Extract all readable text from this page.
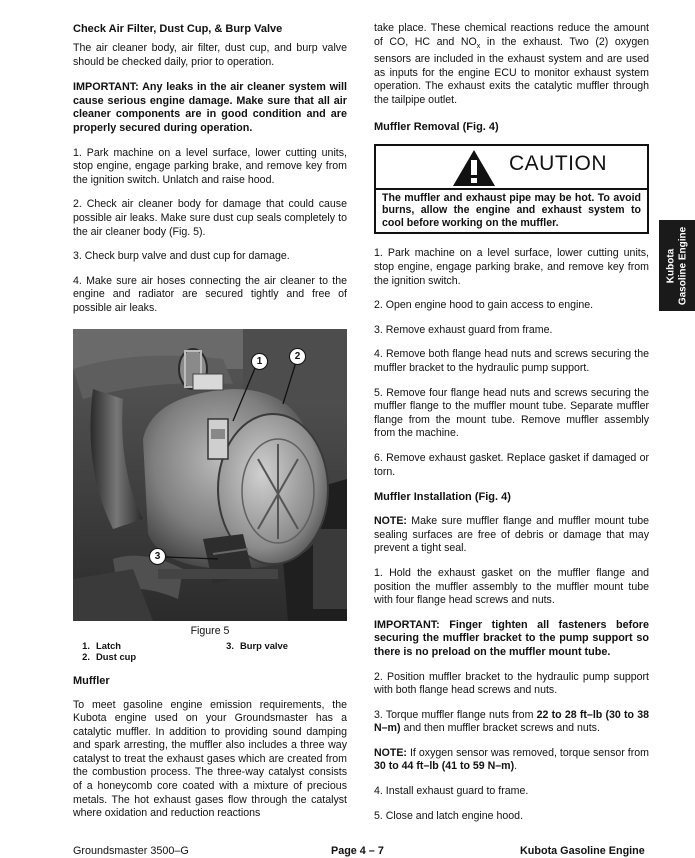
Check Air Filter, Dust Cup, & Burp Valve

The air cleaner body, air filter, dust cup, and burp valve should be checked daily, prior to operation.

IMPORTANT: Any leaks in the air cleaner system will cause serious engine damage. Make sure that all air cleaner components are in good condition and are properly secured during operation.

1. Park machine on a level surface, lower cutting units, stop engine, engage parking brake, and remove key from the ignition switch. Unlatch and raise hood.

2. Check air cleaner body for damage that could cause possible air leaks. Make sure dust cup seals completely to the air cleaner body (Fig. 5).

3. Check burp valve and dust cup for damage.

4. Make sure air hoses connecting the air cleaner to the engine and radiator are secured tightly and free of possible air leaks.

1	2
3

Figure 5

1. Latch
2. Dust cup
3. Burp valve

Muffler

To meet gasoline engine emission requirements, the Kubota engine used on your Groundsmaster has a catalytic muffler. In addition to providing sound damping and spark arresting, the muffler also includes a three way catalyst to treat the exhaust gases which are created from the combustion process. The three-way catalyst consists of a honeycomb core coated with a mixture of precious metals. The hot exhaust gases flow through the catalyst where oxidation and reduction reactions

take place. These chemical reactions reduce the amount of CO, HC and $NO_x$ in the exhaust. Two (2) oxygen sensors are included in the exhaust system and are used as inputs for the engine ECU to monitor exhaust system operation. The exhaust exits the catalytic muffler through the tailpipe outlet.

Muffler Removal (Fig. 4)

CAUTION

The muffler and exhaust pipe may be hot. To avoid burns, allow the engine and exhaust system to cool before working on the muffler.

1. Park machine on a level surface, lower cutting units, stop engine, engage parking brake, and remove key from the ignition switch.

2. Open engine hood to gain access to engine.

3. Remove exhaust guard from frame.

4. Remove both flange head nuts and screws securing the muffler bracket to the hydraulic pump support.

5. Remove four flange head nuts and screws securing the muffler flange to the muffler mount tube. Separate muffler flange from the mount tube. Remove muffler assembly from the machine.

6. Remove exhaust gasket. Replace gasket if damaged or torn.

Muffler Installation (Fig. 4)

NOTE: Make sure muffler flange and muffler mount tube sealing surfaces are free of debris or damage that may prevent a tight seal.

1. Hold the exhaust gasket on the muffler flange and position the muffler assembly to the muffler mount tube with four flange head screws and nuts.

IMPORTANT: Finger tighten all fasteners before securing the muffler bracket to the pump support so there is no preload on the muffler mount tube.

2. Position muffler bracket to the hydraulic pump support with both flange head screws and nuts.

3. Torque muffler flange nuts from 22 to 28 ft–lb (30 to 38 N–m) and then muffler bracket screws and nuts.

NOTE: If oxygen sensor was removed, torque sensor from 30 to 44 ft–lb (41 to 59 N–m).

4. Install exhaust guard to frame.

5. Close and latch engine hood.

Kubota Gasoline Engine
Groundsmaster 3500–G	Page 4 – 7	Kubota Gasoline Engine
